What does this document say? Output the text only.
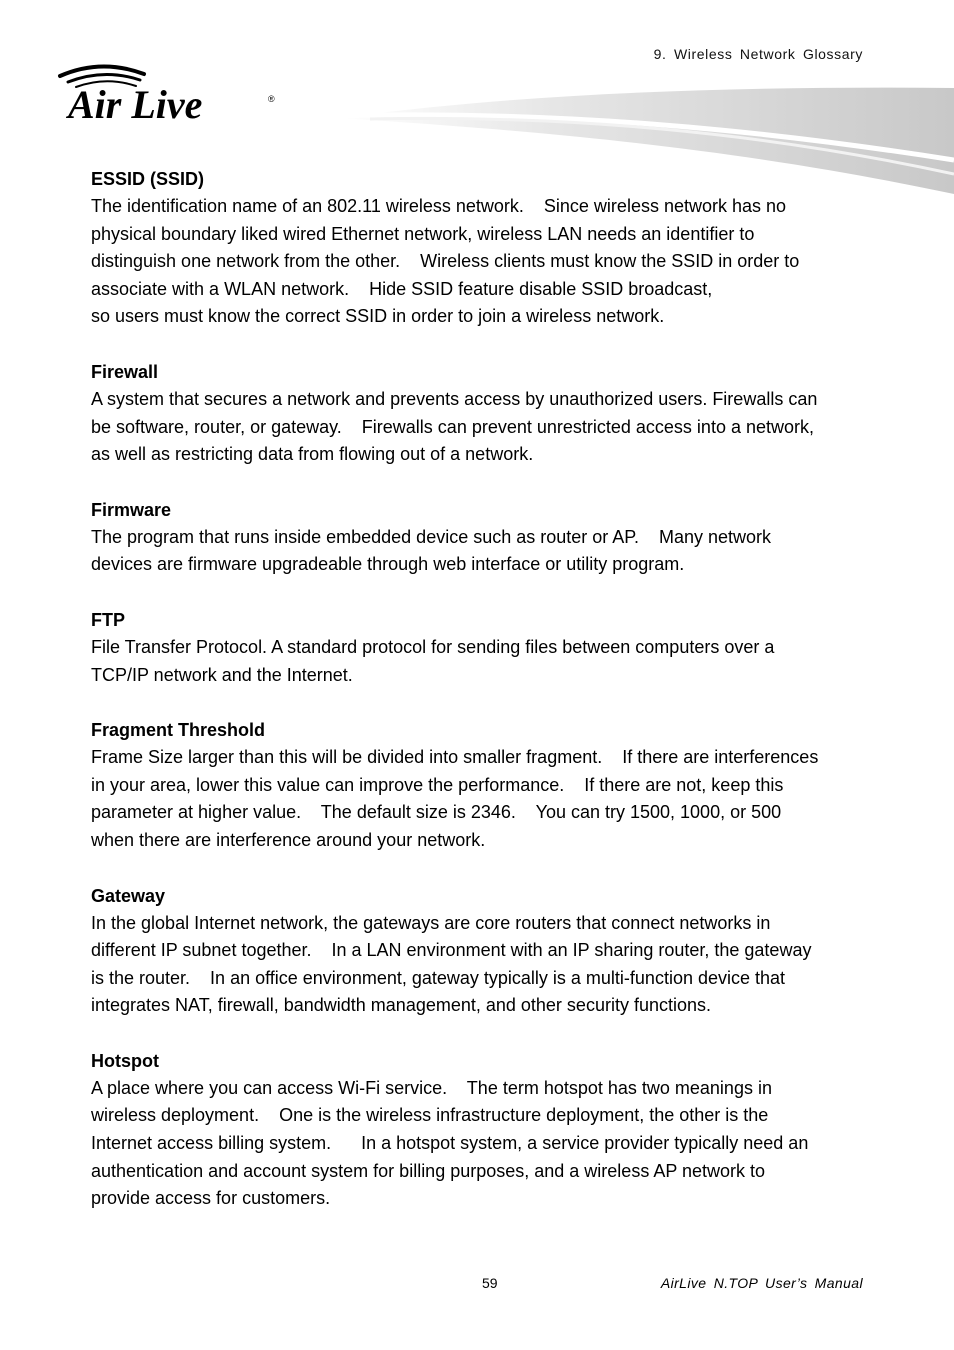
9. Wireless Network Glossary
Air Live	®

ESSID (SSID)

The identification name of an 802.11 wireless network.    Since wireless network has no
physical boundary liked wired Ethernet network, wireless LAN needs an identifier to
distinguish one network from the other.    Wireless clients must know the SSID in order to
associate with a WLAN network.    Hide SSID feature disable SSID broadcast,
so users must know the correct SSID in order to join a wireless network.

Firewall

A system that secures a network and prevents access by unauthorized users. Firewalls can
be software, router, or gateway.    Firewalls can prevent unrestricted access into a network,
as well as restricting data from flowing out of a network.

Firmware

The program that runs inside embedded device such as router or AP.    Many network
devices are firmware upgradeable through web interface or utility program.

FTP

File Transfer Protocol. A standard protocol for sending files between computers over a
TCP/IP network and the Internet.

Fragment Threshold

Frame Size larger than this will be divided into smaller fragment.    If there are interferences
in your area, lower this value can improve the performance.    If there are not, keep this
parameter at higher value.    The default size is 2346.    You can try 1500, 1000, or 500
when there are interference around your network.

Gateway

In the global Internet network, the gateways are core routers that connect networks in
different IP subnet together.    In a LAN environment with an IP sharing router, the gateway
is the router.    In an office environment, gateway typically is a multi-function device that
integrates NAT, firewall, bandwidth management, and other security functions.

Hotspot

A place where you can access Wi-Fi service.    The term hotspot has two meanings in
wireless deployment.    One is the wireless infrastructure deployment, the other is the
Internet access billing system.      In a hotspot system, a service provider typically need an
authentication and account system for billing purposes, and a wireless AP network to
provide access for customers.

59	AirLive N.TOP User’s Manual
